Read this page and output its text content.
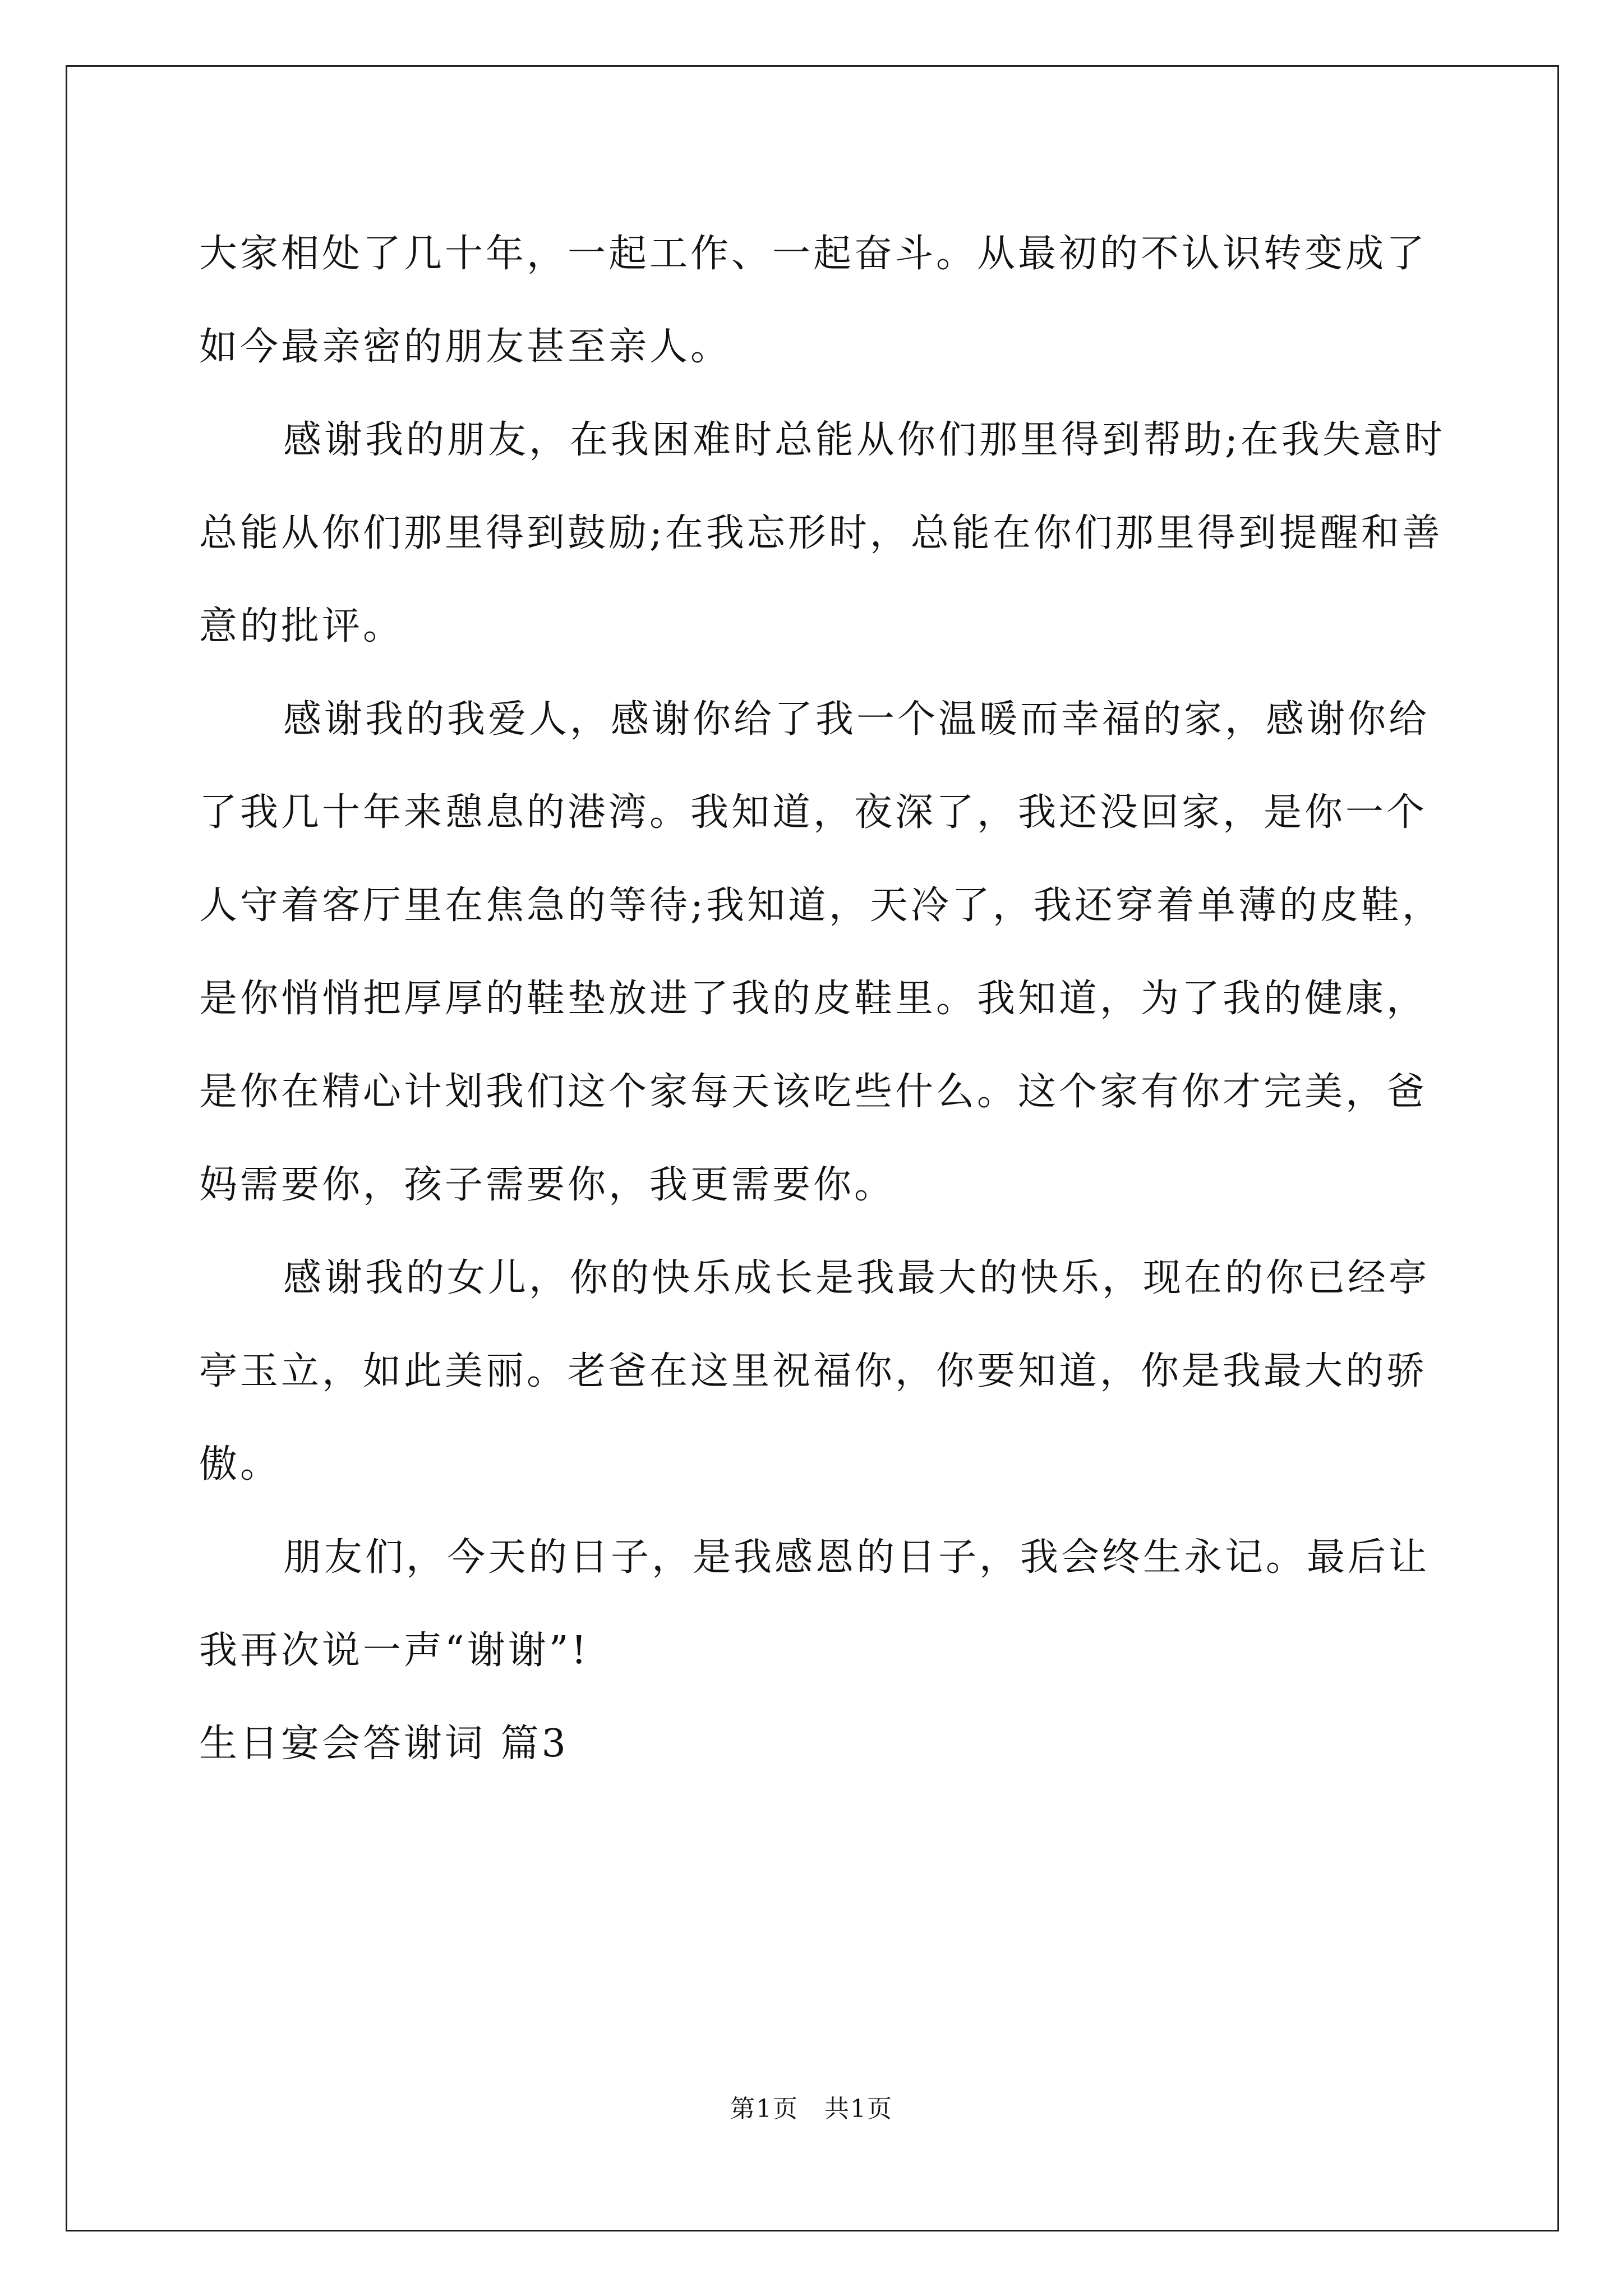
大家相处了几十年，一起工作、一起奋斗。从最初的不认识转变成了

如今最亲密的朋友甚至亲人。

感谢我的朋友，在我困难时总能从你们那里得到帮助;在我失意时

总能从你们那里得到鼓励;在我忘形时，总能在你们那里得到提醒和善

意的批评。

感谢我的我爱人，感谢你给了我一个温暖而幸福的家，感谢你给

了我几十年来憩息的港湾。我知道，夜深了，我还没回家，是你一个

人守着客厅里在焦急的等待;我知道，天冷了，我还穿着单薄的皮鞋，

是你悄悄把厚厚的鞋垫放进了我的皮鞋里。我知道，为了我的健康，

是你在精心计划我们这个家每天该吃些什么。这个家有你才完美，爸

妈需要你，孩子需要你，我更需要你。

感谢我的女儿，你的快乐成长是我最大的快乐，现在的你已经亭

亭玉立，如此美丽。老爸在这里祝福你，你要知道，你是我最大的骄

傲。

朋友们，今天的日子，是我感恩的日子，我会终生永记。最后让

我再次说一声“谢谢”!

生日宴会答谢词 篇3

第1页　共1页
